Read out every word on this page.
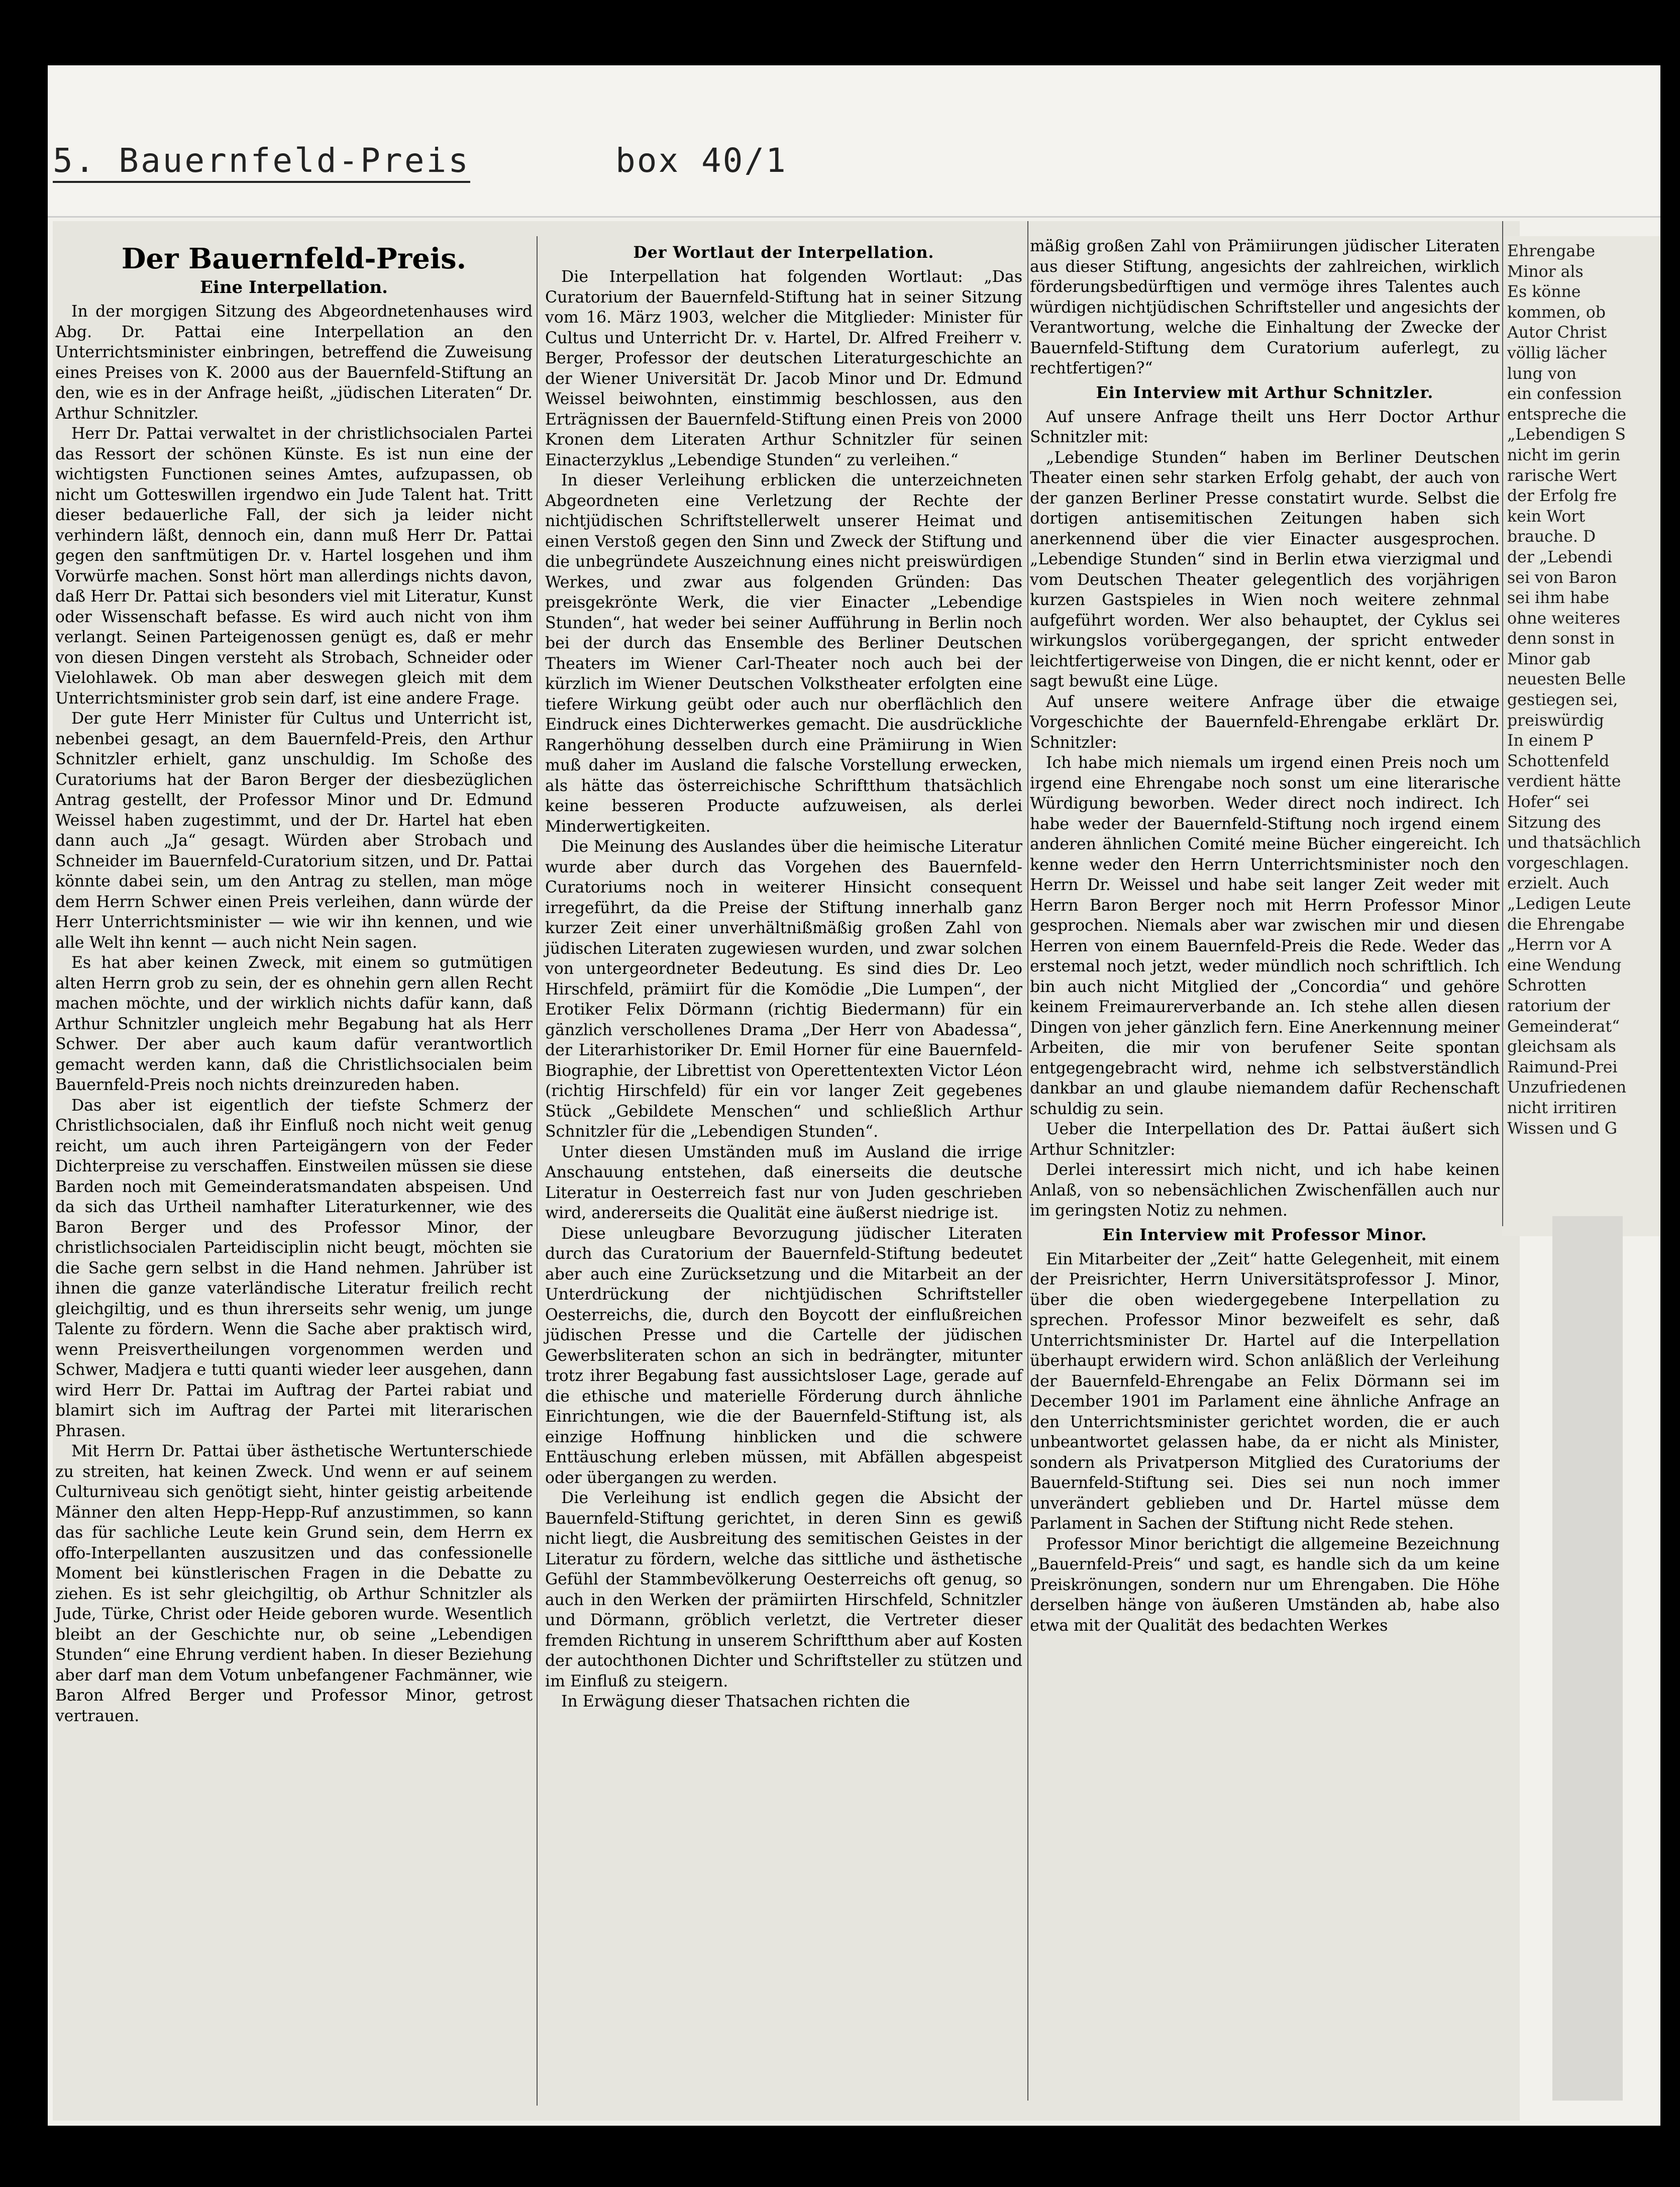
5. Bauernfeld-Preis	box 40/1
Der Bauernfeld-Preis.
Eine Interpellation.

In der morgigen Sitzung des Abgeordnetenhauses wird Abg. Dr. Pattai eine Interpellation an den Unterrichtsminister einbringen, betreffend die Zuweisung eines Preises von K. 2000 aus der Bauernfeld-Stiftung an den, wie es in der Anfrage heißt, „jüdischen Literaten“ Dr. Arthur Schnitzler.

Herr Dr. Pattai verwaltet in der christlichsocialen Partei das Ressort der schönen Künste. Es ist nun eine der wichtigsten Functionen seines Amtes, aufzupassen, ob nicht um Gotteswillen irgendwo ein Jude Talent hat. Tritt dieser bedauerliche Fall, der sich ja leider nicht verhindern läßt, dennoch ein, dann muß Herr Dr. Pattai gegen den sanftmütigen Dr. v. Hartel losgehen und ihm Vorwürfe machen. Sonst hört man allerdings nichts davon, daß Herr Dr. Pattai sich besonders viel mit Literatur, Kunst oder Wissenschaft befasse. Es wird auch nicht von ihm verlangt. Seinen Parteigenossen genügt es, daß er mehr von diesen Dingen versteht als Strobach, Schneider oder Vielohlawek. Ob man aber deswegen gleich mit dem Unterrichtsminister grob sein darf, ist eine andere Frage.

Der gute Herr Minister für Cultus und Unterricht ist, nebenbei gesagt, an dem Bauernfeld-Preis, den Arthur Schnitzler erhielt, ganz unschuldig. Im Schoße des Curatoriums hat der Baron Berger der diesbezüglichen Antrag gestellt, der Professor Minor und Dr. Edmund Weissel haben zugestimmt, und der Dr. Hartel hat eben dann auch „Ja“ gesagt. Würden aber Strobach und Schneider im Bauernfeld-Curatorium sitzen, und Dr. Pattai könnte dabei sein, um den Antrag zu stellen, man möge dem Herrn Schwer einen Preis verleihen, dann würde der Herr Unterrichtsminister — wie wir ihn kennen, und wie alle Welt ihn kennt — auch nicht Nein sagen.

Es hat aber keinen Zweck, mit einem so gutmütigen alten Herrn grob zu sein, der es ohnehin gern allen Recht machen möchte, und der wirklich nichts dafür kann, daß Arthur Schnitzler ungleich mehr Begabung hat als Herr Schwer. Der aber auch kaum dafür verantwortlich gemacht werden kann, daß die Christlichsocialen beim Bauernfeld-Preis noch nichts dreinzureden haben.

Das aber ist eigentlich der tiefste Schmerz der Christlichsocialen, daß ihr Einfluß noch nicht weit genug reicht, um auch ihren Parteigängern von der Feder Dichterpreise zu verschaffen. Einstweilen müssen sie diese Barden noch mit Gemeinderatsmandaten abspeisen. Und da sich das Urtheil namhafter Literaturkenner, wie des Baron Berger und des Professor Minor, der christlichsocialen Parteidisciplin nicht beugt, möchten sie die Sache gern selbst in die Hand nehmen. Jahrüber ist ihnen die ganze vaterländische Literatur freilich recht gleichgiltig, und es thun ihrerseits sehr wenig, um junge Talente zu fördern. Wenn die Sache aber praktisch wird, wenn Preisvertheilungen vorgenommen werden und Schwer, Madjera e tutti quanti wieder leer ausgehen, dann wird Herr Dr. Pattai im Auftrag der Partei rabiat und blamirt sich im Auftrag der Partei mit literarischen Phrasen.

Mit Herrn Dr. Pattai über ästhetische Wertunterschiede zu streiten, hat keinen Zweck. Und wenn er auf seinem Culturniveau sich genötigt sieht, hinter geistig arbeitende Männer den alten Hepp-Hepp-Ruf anzustimmen, so kann das für sachliche Leute kein Grund sein, dem Herrn ex offo-Interpellanten auszusitzen und das confessionelle Moment bei künstlerischen Fragen in die Debatte zu ziehen. Es ist sehr gleichgiltig, ob Arthur Schnitzler als Jude, Türke, Christ oder Heide geboren wurde. Wesentlich bleibt an der Geschichte nur, ob seine „Lebendigen Stunden“ eine Ehrung verdient haben. In dieser Beziehung aber darf man dem Votum unbefangener Fachmänner, wie Baron Alfred Berger und Professor Minor, getrost vertrauen.

Der Wortlaut der Interpellation.

Die Interpellation hat folgenden Wortlaut: „Das Curatorium der Bauernfeld-Stiftung hat in seiner Sitzung vom 16. März 1903, welcher die Mitglieder: Minister für Cultus und Unterricht Dr. v. Hartel, Dr. Alfred Freiherr v. Berger, Professor der deutschen Literaturgeschichte an der Wiener Universität Dr. Jacob Minor und Dr. Edmund Weissel beiwohnten, einstimmig beschlossen, aus den Erträgnissen der Bauernfeld-Stiftung einen Preis von 2000 Kronen dem Literaten Arthur Schnitzler für seinen Einacterzyklus „Lebendige Stunden“ zu verleihen.“

In dieser Verleihung erblicken die unterzeichneten Abgeordneten eine Verletzung der Rechte der nichtjüdischen Schriftstellerwelt unserer Heimat und einen Verstoß gegen den Sinn und Zweck der Stiftung und die unbegründete Auszeichnung eines nicht preiswürdigen Werkes, und zwar aus folgenden Gründen: Das preisgekrönte Werk, die vier Einacter „Lebendige Stunden“, hat weder bei seiner Aufführung in Berlin noch bei der durch das Ensemble des Berliner Deutschen Theaters im Wiener Carl-Theater noch auch bei der kürzlich im Wiener Deutschen Volkstheater erfolgten eine tiefere Wirkung geübt oder auch nur oberflächlich den Eindruck eines Dichterwerkes gemacht. Die ausdrückliche Rangerhöhung desselben durch eine Prämiirung in Wien muß daher im Ausland die falsche Vorstellung erwecken, als hätte das österreichische Schriftthum thatsächlich keine besseren Producte aufzuweisen, als derlei Minderwertigkeiten.

Die Meinung des Auslandes über die heimische Literatur wurde aber durch das Vorgehen des Bauernfeld-Curatoriums noch in weiterer Hinsicht consequent irregeführt, da die Preise der Stiftung innerhalb ganz kurzer Zeit einer unverhältnißmäßig großen Zahl von jüdischen Literaten zugewiesen wurden, und zwar solchen von untergeordneter Bedeutung. Es sind dies Dr. Leo Hirschfeld, prämiirt für die Komödie „Die Lumpen“, der Erotiker Felix Dörmann (richtig Biedermann) für ein gänzlich verschollenes Drama „Der Herr von Abadessa“, der Literarhistoriker Dr. Emil Horner für eine Bauernfeld-Biographie, der Librettist von Operettentexten Victor Léon (richtig Hirschfeld) für ein vor langer Zeit gegebenes Stück „Gebildete Menschen“ und schließlich Arthur Schnitzler für die „Lebendigen Stunden“.

Unter diesen Umständen muß im Ausland die irrige Anschauung entstehen, daß einerseits die deutsche Literatur in Oesterreich fast nur von Juden geschrieben wird, andererseits die Qualität eine äußerst niedrige ist.

Diese unleugbare Bevorzugung jüdischer Literaten durch das Curatorium der Bauernfeld-Stiftung bedeutet aber auch eine Zurücksetzung und die Mitarbeit an der Unterdrückung der nichtjüdischen Schriftsteller Oesterreichs, die, durch den Boycott der einflußreichen jüdischen Presse und die Cartelle der jüdischen Gewerbsliteraten schon an sich in bedrängter, mitunter trotz ihrer Begabung fast aussichtsloser Lage, gerade auf die ethische und materielle Förderung durch ähnliche Einrichtungen, wie die der Bauernfeld-Stiftung ist, als einzige Hoffnung hinblicken und die schwere Enttäuschung erleben müssen, mit Abfällen abgespeist oder übergangen zu werden.

Die Verleihung ist endlich gegen die Absicht der Bauernfeld-Stiftung gerichtet, in deren Sinn es gewiß nicht liegt, die Ausbreitung des semitischen Geistes in der Literatur zu fördern, welche das sittliche und ästhetische Gefühl der Stammbevölkerung Oesterreichs oft genug, so auch in den Werken der prämiirten Hirschfeld, Schnitzler und Dörmann, gröblich verletzt, die Vertreter dieser fremden Richtung in unserem Schriftthum aber auf Kosten der autochthonen Dichter und Schriftsteller zu stützen und im Einfluß zu steigern.

In Erwägung dieser Thatsachen richten die

mäßig großen Zahl von Prämiirungen jüdischer Literaten aus dieser Stiftung, angesichts der zahlreichen, wirklich förderungsbedürftigen und vermöge ihres Talentes auch würdigen nichtjüdischen Schriftsteller und angesichts der Verantwortung, welche die Einhaltung der Zwecke der Bauernfeld-Stiftung dem Curatorium auferlegt, zu rechtfertigen?“

Ein Interview mit Arthur Schnitzler.

Auf unsere Anfrage theilt uns Herr Doctor Arthur Schnitzler mit:

„Lebendige Stunden“ haben im Berliner Deutschen Theater einen sehr starken Erfolg gehabt, der auch von der ganzen Berliner Presse constatirt wurde. Selbst die dortigen antisemitischen Zeitungen haben sich anerkennend über die vier Einacter ausgesprochen. „Lebendige Stunden“ sind in Berlin etwa vierzigmal und vom Deutschen Theater gelegentlich des vorjährigen kurzen Gastspieles in Wien noch weitere zehnmal aufgeführt worden. Wer also behauptet, der Cyklus sei wirkungslos vorübergegangen, der spricht entweder leichtfertigerweise von Dingen, die er nicht kennt, oder er sagt bewußt eine Lüge.

Auf unsere weitere Anfrage über die etwaige Vorgeschichte der Bauernfeld-Ehrengabe erklärt Dr. Schnitzler:

Ich habe mich niemals um irgend einen Preis noch um irgend eine Ehrengabe noch sonst um eine literarische Würdigung beworben. Weder direct noch indirect. Ich habe weder der Bauernfeld-Stiftung noch irgend einem anderen ähnlichen Comité meine Bücher eingereicht. Ich kenne weder den Herrn Unterrichtsminister noch den Herrn Dr. Weissel und habe seit langer Zeit weder mit Herrn Baron Berger noch mit Herrn Professor Minor gesprochen. Niemals aber war zwischen mir und diesen Herren von einem Bauernfeld-Preis die Rede. Weder das erstemal noch jetzt, weder mündlich noch schriftlich. Ich bin auch nicht Mitglied der „Concordia“ und gehöre keinem Freimaurerverbande an. Ich stehe allen diesen Dingen von jeher gänzlich fern. Eine Anerkennung meiner Arbeiten, die mir von berufener Seite spontan entgegengebracht wird, nehme ich selbstverständlich dankbar an und glaube niemandem dafür Rechenschaft schuldig zu sein.

Ueber die Interpellation des Dr. Pattai äußert sich Arthur Schnitzler:

Derlei interessirt mich nicht, und ich habe keinen Anlaß, von so nebensächlichen Zwischenfällen auch nur im geringsten Notiz zu nehmen.

Ein Interview mit Professor Minor.

Ein Mitarbeiter der „Zeit“ hatte Gelegenheit, mit einem der Preisrichter, Herrn Universitätsprofessor J. Minor, über die oben wiedergegebene Interpellation zu sprechen. Professor Minor bezweifelt es sehr, daß Unterrichtsminister Dr. Hartel auf die Interpellation überhaupt erwidern wird. Schon anläßlich der Verleihung der Bauernfeld-Ehrengabe an Felix Dörmann sei im December 1901 im Parlament eine ähnliche Anfrage an den Unterrichtsminister gerichtet worden, die er auch unbeantwortet gelassen habe, da er nicht als Minister, sondern als Privatperson Mitglied des Curatoriums der Bauernfeld-Stiftung sei. Dies sei nun noch immer unverändert geblieben und Dr. Hartel müsse dem Parlament in Sachen der Stiftung nicht Rede stehen.

Professor Minor berichtigt die allgemeine Bezeichnung „Bauernfeld-Preis“ und sagt, es handle sich da um keine Preiskrönungen, sondern nur um Ehrengaben. Die Höhe derselben hänge von äußeren Umständen ab, habe also etwa mit der Qualität des bedachten Werkes

Ehrengabe
Minor als
Es könne
kommen, ob
Autor Christ
völlig lächer
lung von
ein confession
entspreche die
„Lebendigen S
nicht im gerin
rarische Wert
der Erfolg fre
kein Wort
brauche. D
der „Lebendi
sei von Baron
sei ihm habe
ohne weiteres
denn sonst in
Minor gab
neuesten Belle
gestiegen sei,
preiswürdig
In einem P
Schottenfeld
verdient hätte
Hofer“ sei
Sitzung des
und thatsächlich
vorgeschlagen.
erzielt. Auch
„Ledigen Leute
die Ehrengabe
„Herrn vor A
eine Wendung
Schrotten
ratorium der
Gemeinderat“
gleichsam als
Raimund-Prei
Unzufriedenen
nicht irritiren
Wissen und G
